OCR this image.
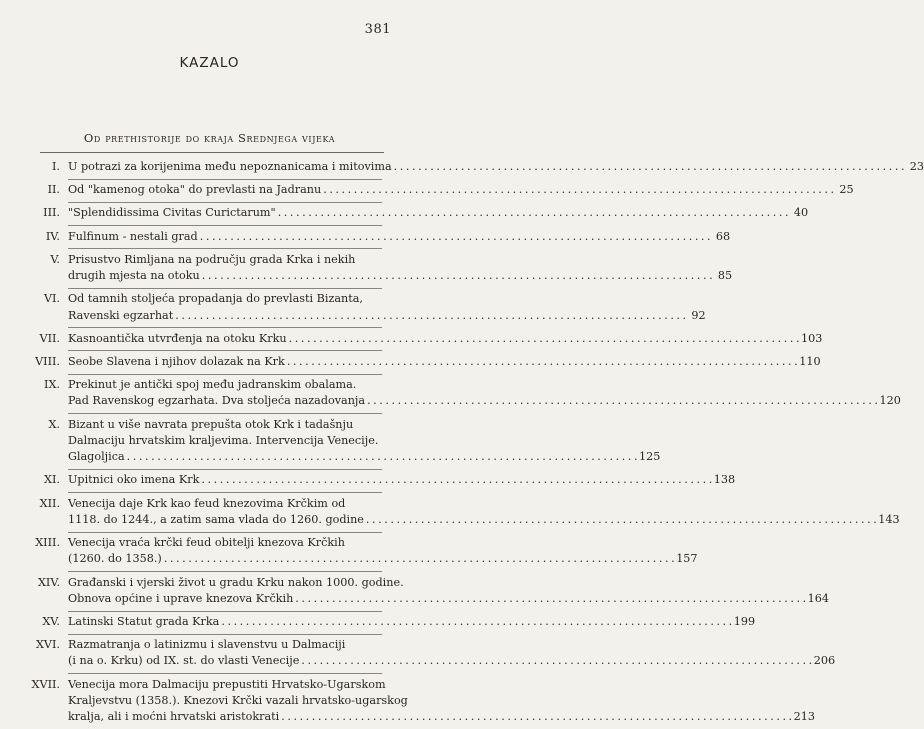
381
KAZALO
Od prethistorije do kraja Srednjega vijeka
I. U potrazi za korijenima među nepoznanicama i mitovima . . .	23
II. Od "kamenog otoka" do prevlasti na Jadranu . . .	25
III. "Splendidissima Civitas Curictarum" . . .	40
IV. Fulfinum - nestali grad . . .	68
V. Prisustvo Rimljana na području grada Krka i nekih
drugih mjesta na otoku . . .	85
VI. Od tamnih stoljeća propadanja do prevlasti Bizanta,
Ravenski egzarhat . . .	92
VII. Kasnoantička utvrđenja na otoku Krku . . .	103
VIII. Seobe Slavena i njihov dolazak na Krk . . .	110
IX. Prekinut je antički spoj među jadranskim obalama.
Pad Ravenskog egzarhata. Dva stoljeća nazadovanja . . .	120
X. Bizant u više navrata prepušta otok Krk i tadašnju
Dalmaciju hrvatskim kraljevima. Intervencija Venecije.
Glagoljica . . .	125
XI. Upitnici oko imena Krk . . .	138
XII. Venecija daje Krk kao feud knezovima Krčkim od
1118. do 1244., a zatim sama vlada do 1260. godine . . .	143
XIII. Venecija vraća krčki feud obitelji knezova Krčkih
(1260. do 1358.) . . .	157
XIV. Građanski i vjerski život u gradu Krku nakon 1000. godine.
Obnova općine i uprave knezova Krčkih . . .	164
XV. Latinski Statut grada Krka . . .	199
XVI. Razmatranja o latinizmu i slavenstvu u Dalmaciji
(i na o. Krku) od IX. st. do vlasti Venecije . . .	206
XVII. Venecija mora Dalmaciju prepustiti Hrvatsko-Ugarskom
Kraljevstvu (1358.). Knezovi Krčki vazali hrvatsko-ugarskog
kralja, ali i moćni hrvatski aristokrati . . .	213
